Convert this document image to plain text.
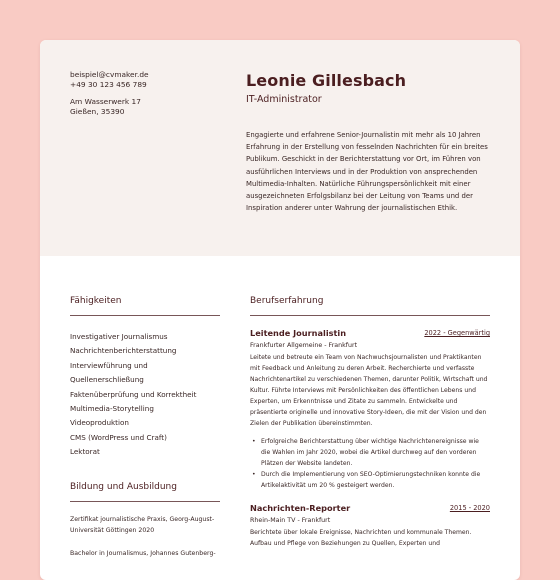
beispiel@cvmaker.de
+49 30 123 456 789
Am Wasserwerk 17
Gießen, 35390
Leonie Gillesbach
IT-Administrator
Engagierte und erfahrene Senior-Journalistin mit mehr als 10 Jahren Erfahrung in der Erstellung von fesselnden Nachrichten für ein breites Publikum. Geschickt in der Berichterstattung vor Ort, im Führen von ausführlichen Interviews und in der Produktion von ansprechenden Multimedia-Inhalten. Natürliche Führungspersönlichkeit mit einer ausgezeichneten Erfolgsbilanz bei der Leitung von Teams und der Inspiration anderer unter Wahrung der journalistischen Ethik.
Fähigkeiten
Investigativer Journalismus
Nachrichtenberichterstattung
Interviewführung und
Quellenerschließung
Faktenüberprüfung und Korrektheit
Multimedia-Storytelling
Videoproduktion
CMS (WordPress und Craft)
Lektorat
Bildung und Ausbildung
Zertifikat journalistische Praxis, Georg-August-Universität Göttingen 2020
Bachelor in Journalismus, Johannes Gutenberg-
Berufserfahrung
Leitende Journalistin	2022 - Gegenwärtig
Frankfurter Allgemeine - Frankfurt
Leitete und betreute ein Team von Nachwuchsjournalisten und Praktikanten mit Feedback und Anleitung zu deren Arbeit. Recherchierte und verfasste Nachrichtenartikel zu verschiedenen Themen, darunter Politik, Wirtschaft und Kultur. Führte Interviews mit Persönlichkeiten des öffentlichen Lebens und Experten, um Erkenntnisse und Zitate zu sammeln. Entwickelte und präsentierte originelle und innovative Story-Ideen, die mit der Vision und den Zielen der Publikation übereinstimmten.
• Erfolgreiche Berichterstattung über wichtige Nachrichtenereignisse wie die Wahlen im Jahr 2020, wobei die Artikel durchweg auf den vorderen Plätzen der Website landeten.
• Durch die Implementierung von SEO-Optimierungstechniken konnte die Artikelaktivität um 20 % gesteigert werden.
Nachrichten-Reporter	2015 - 2020
Rhein-Main TV - Frankfurt
Berichtete über lokale Ereignisse, Nachrichten und kommunale Themen. Aufbau und Pflege von Beziehungen zu Quellen, Experten und
